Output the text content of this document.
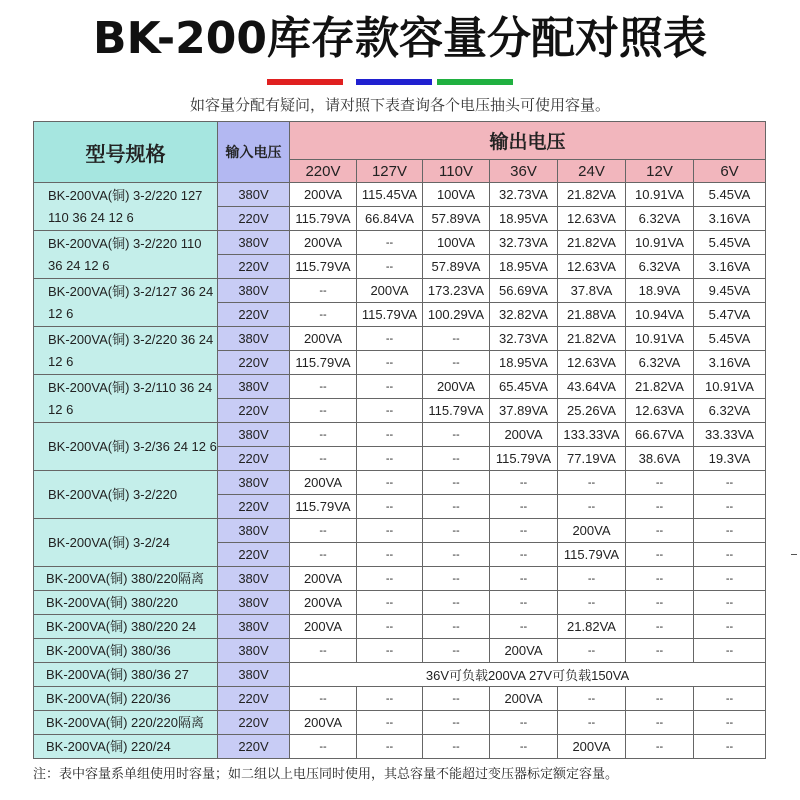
BK-200库存款容量分配对照表
如容量分配有疑问，请对照下表查询各个电压抽头可使用容量。
型号规格	输入电压	输出电压						
		220V	127V	110V	36V	24V	12V	6V
BK-200VA(铜) 3-2/220 127 110 36 24 12 6	380V	200VA	115.45VA	100VA	32.73VA	21.82VA	10.91VA	5.45VA
	220V	115.79VA	66.84VA	57.89VA	18.95VA	12.63VA	6.32VA	3.16VA
BK-200VA(铜) 3-2/220 110 36 24 12 6	380V	200VA	--	100VA	32.73VA	21.82VA	10.91VA	5.45VA
	220V	115.79VA	--	57.89VA	18.95VA	12.63VA	6.32VA	3.16VA
BK-200VA(铜) 3-2/127 36 24 12 6	380V	--	200VA	173.23VA	56.69VA	37.8VA	18.9VA	9.45VA
	220V	--	115.79VA	100.29VA	32.82VA	21.88VA	10.94VA	5.47VA
BK-200VA(铜) 3-2/220 36 24 12 6	380V	200VA	--	--	32.73VA	21.82VA	10.91VA	5.45VA
	220V	115.79VA	--	--	18.95VA	12.63VA	6.32VA	3.16VA
BK-200VA(铜) 3-2/110 36 24 12 6	380V	--	--	200VA	65.45VA	43.64VA	21.82VA	10.91VA
	220V	--	--	115.79VA	37.89VA	25.26VA	12.63VA	6.32VA
BK-200VA(铜) 3-2/36 24 12 6	380V	--	--	--	200VA	133.33VA	66.67VA	33.33VA
	220V	--	--	--	115.79VA	77.19VA	38.6VA	19.3VA
BK-200VA(铜) 3-2/220	380V	200VA	--	--	--	--	--	--
	220V	115.79VA	--	--	--	--	--	--
BK-200VA(铜) 3-2/24	380V	--	--	--	--	200VA	--	--
	220V	--	--	--	--	115.79VA	--	--
BK-200VA(铜) 380/220隔离	380V	200VA	--	--	--	--	--	--
BK-200VA(铜) 380/220	380V	200VA	--	--	--	--	--	--
BK-200VA(铜) 380/220 24	380V	200VA	--	--	--	21.82VA	--	--
BK-200VA(铜) 380/36	380V	--	--	--	200VA	--	--	--
BK-200VA(铜) 380/36 27	380V	36V可负载200VA 27V可负载150VA						
BK-200VA(铜) 220/36	220V	--	--	--	200VA	--	--	--
BK-200VA(铜) 220/220隔离	220V	200VA	--	--	--	--	--	--
BK-200VA(铜) 220/24	220V	--	--	--	--	200VA	--	--
注：表中容量系单组使用时容量；如二组以上电压同时使用，其总容量不能超过变压器标定额定容量。
